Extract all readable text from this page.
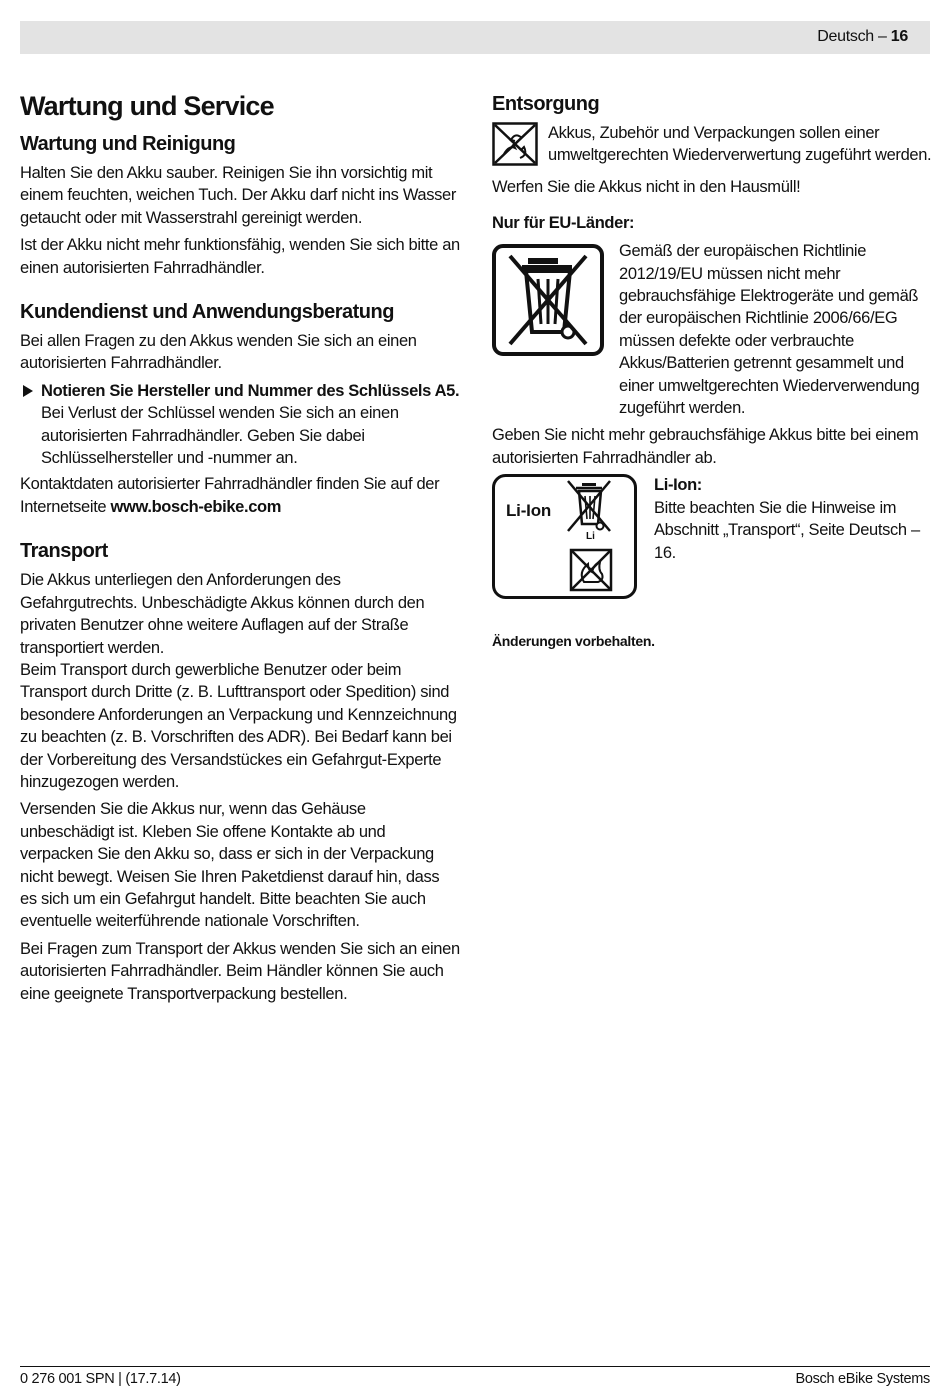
Deutsch – 16
Wartung und Service
Wartung und Reinigung

Halten Sie den Akku sauber. Reinigen Sie ihn vorsichtig mit einem feuchten, weichen Tuch. Der Akku darf nicht ins Wasser getaucht oder mit Wasserstrahl gereinigt werden.

Ist der Akku nicht mehr funktionsfähig, wenden Sie sich bitte an einen autorisierten Fahrradhändler.

Kundendienst und Anwendungsberatung

Bei allen Fragen zu den Akkus wenden Sie sich an einen autorisierten Fahrradhändler.

Notieren Sie Hersteller und Nummer des Schlüssels A5. Bei Verlust der Schlüssel wenden Sie sich an einen autorisierten Fahrradhändler. Geben Sie dabei Schlüsselhersteller und -nummer an.

Kontaktdaten autorisierter Fahrradhändler finden Sie auf der Internetseite www.bosch-ebike.com

Transport

Die Akkus unterliegen den Anforderungen des Gefahrgutrechts. Unbeschädigte Akkus können durch den privaten Benutzer ohne weitere Auflagen auf der Straße transportiert werden.

Beim Transport durch gewerbliche Benutzer oder beim Transport durch Dritte (z. B. Lufttransport oder Spedition) sind besondere Anforderungen an Verpackung und Kennzeichnung zu beachten (z. B. Vorschriften des ADR). Bei Bedarf kann bei der Vorbereitung des Versandstückes ein Gefahrgut-Experte hinzugezogen werden.

Versenden Sie die Akkus nur, wenn das Gehäuse unbeschädigt ist. Kleben Sie offene Kontakte ab und verpacken Sie den Akku so, dass er sich in der Verpackung nicht bewegt. Weisen Sie Ihren Paketdienst darauf hin, dass es sich um ein Gefahrgut handelt. Bitte beachten Sie auch eventuelle weiterführende nationale Vorschriften.

Bei Fragen zum Transport der Akkus wenden Sie sich an einen autorisierten Fahrradhändler. Beim Händler können Sie auch eine geeignete Transportverpackung bestellen.

Entsorgung

Akkus, Zubehör und Verpackungen sollen einer umweltgerechten Wiederverwertung zugeführt werden.

Werfen Sie die Akkus nicht in den Hausmüll!

Nur für EU-Länder:

Gemäß der europäischen Richtlinie 2012/19/EU müssen nicht mehr gebrauchsfähige Elektrogeräte und gemäß der europäischen Richtlinie 2006/66/EG müssen defekte oder verbrauchte Akkus/Batterien getrennt gesammelt und einer umweltgerechten Wiederverwendung zugeführt werden.

Geben Sie nicht mehr gebrauchsfähige Akkus bitte bei einem autorisierten Fahrradhändler ab.

Li-Ion
Li
Li-Ion:

Bitte beachten Sie die Hinweise im Abschnitt „Transport“, Seite Deutsch – 16.

Änderungen vorbehalten.
0 276 001 SPN | (17.7.14)	Bosch eBike Systems
